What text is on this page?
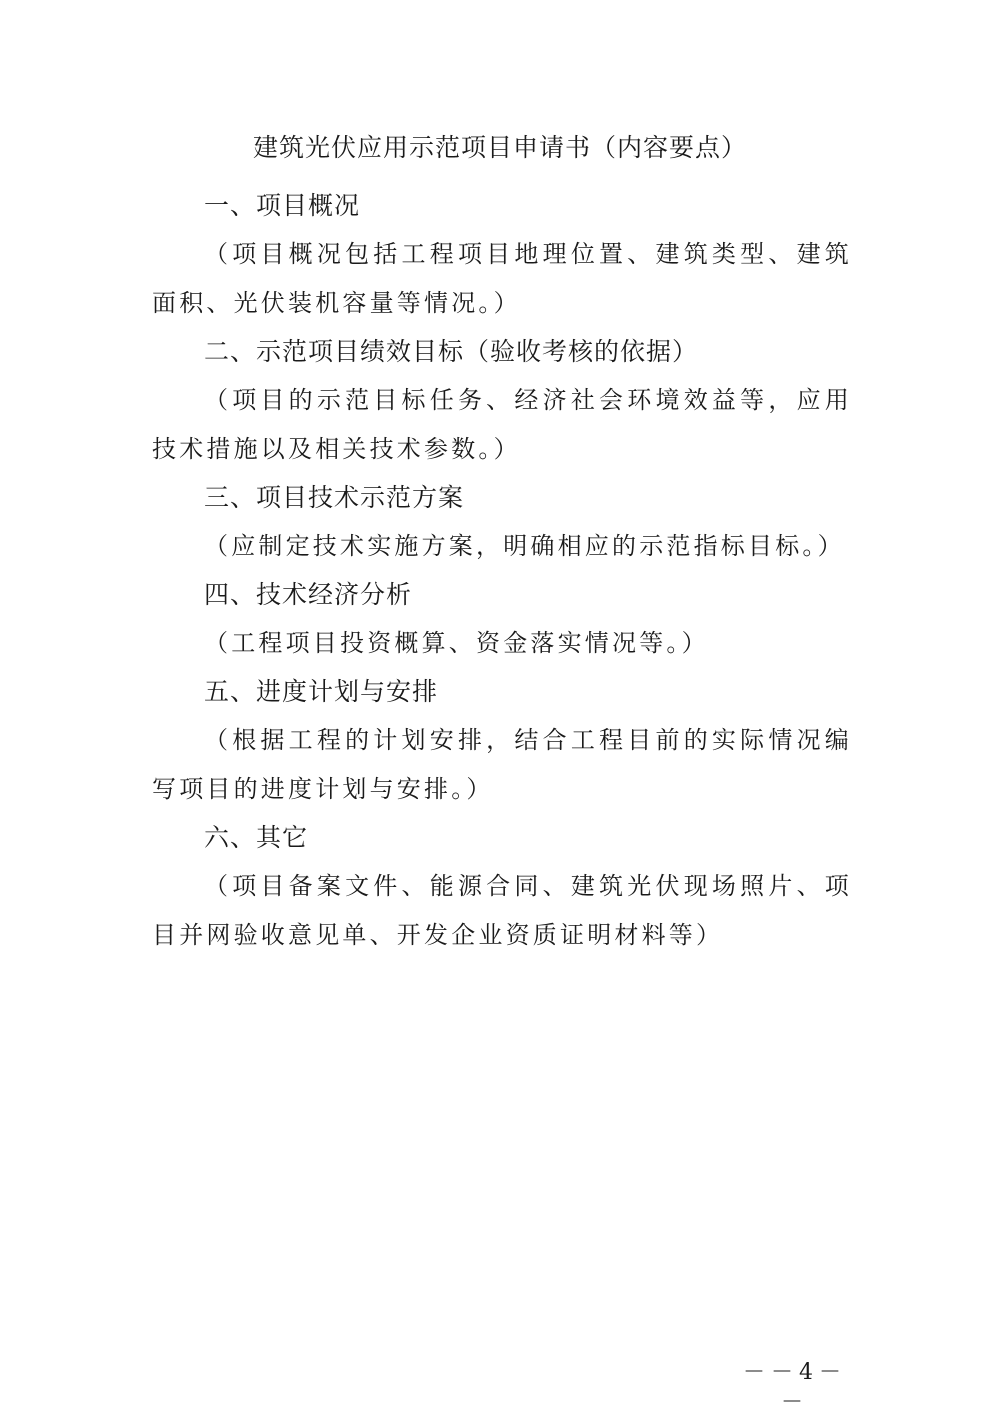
建筑光伏应用示范项目申请书（内容要点）
一、项目概况
（项目概况包括工程项目地理位置、建筑类型、建筑面积、光伏装机容量等情况。）
二、示范项目绩效目标（验收考核的依据）
（项目的示范目标任务、经济社会环境效益等，应用技术措施以及相关技术参数。）
三、项目技术示范方案
（应制定技术实施方案，明确相应的示范指标目标。）
四、技术经济分析
（工程项目投资概算、资金落实情况等。）
五、进度计划与安排
（根据工程的计划安排，结合工程目前的实际情况编写项目的进度计划与安排。）
六、其它
（项目备案文件、能源合同、建筑光伏现场照片、项目并网验收意见单、开发企业资质证明材料等）
－－4－－
